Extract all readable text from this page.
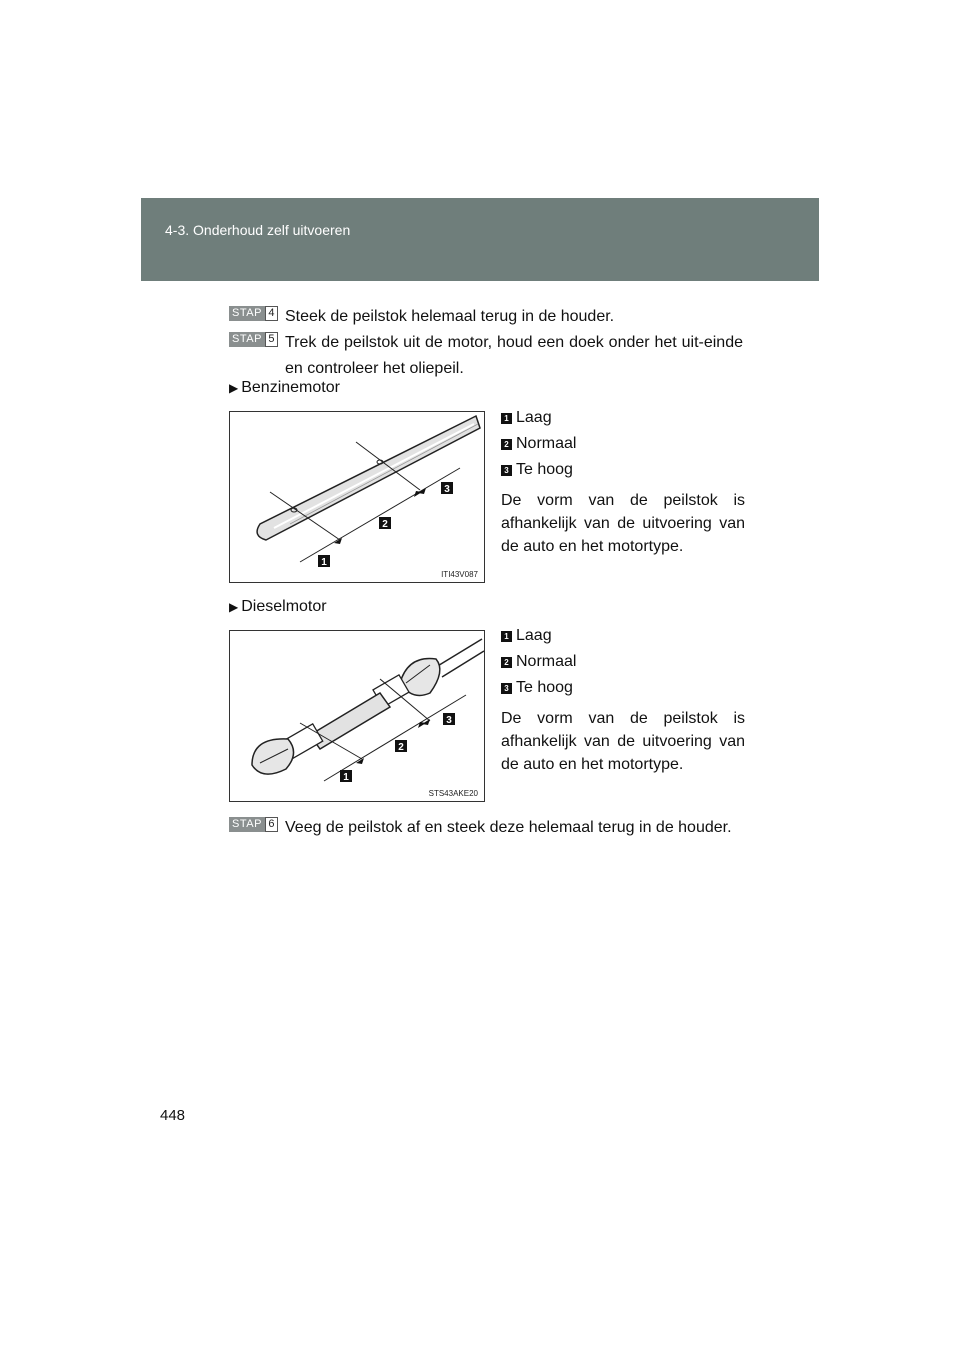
4-3. Onderhoud zelf uitvoeren
STAP 4 Steek de peilstok helemaal terug in de houder.
STAP 5 Trek de peilstok uit de motor, houd een doek onder het uit-einde en controleer het oliepeil.
▶ Benzinemotor
1
2
3
ITI43V087
1 Laag
2 Normaal
3 Te hoog
De vorm van de peilstok is afhankelijk van de uitvoering van de auto en het motortype.
▶ Dieselmotor
1
2
3
STS43AKE20
1 Laag
2 Normaal
3 Te hoog
De vorm van de peilstok is afhankelijk van de uitvoering van de auto en het motortype.
STAP 6 Veeg de peilstok af en steek deze helemaal terug in de houder.
448
